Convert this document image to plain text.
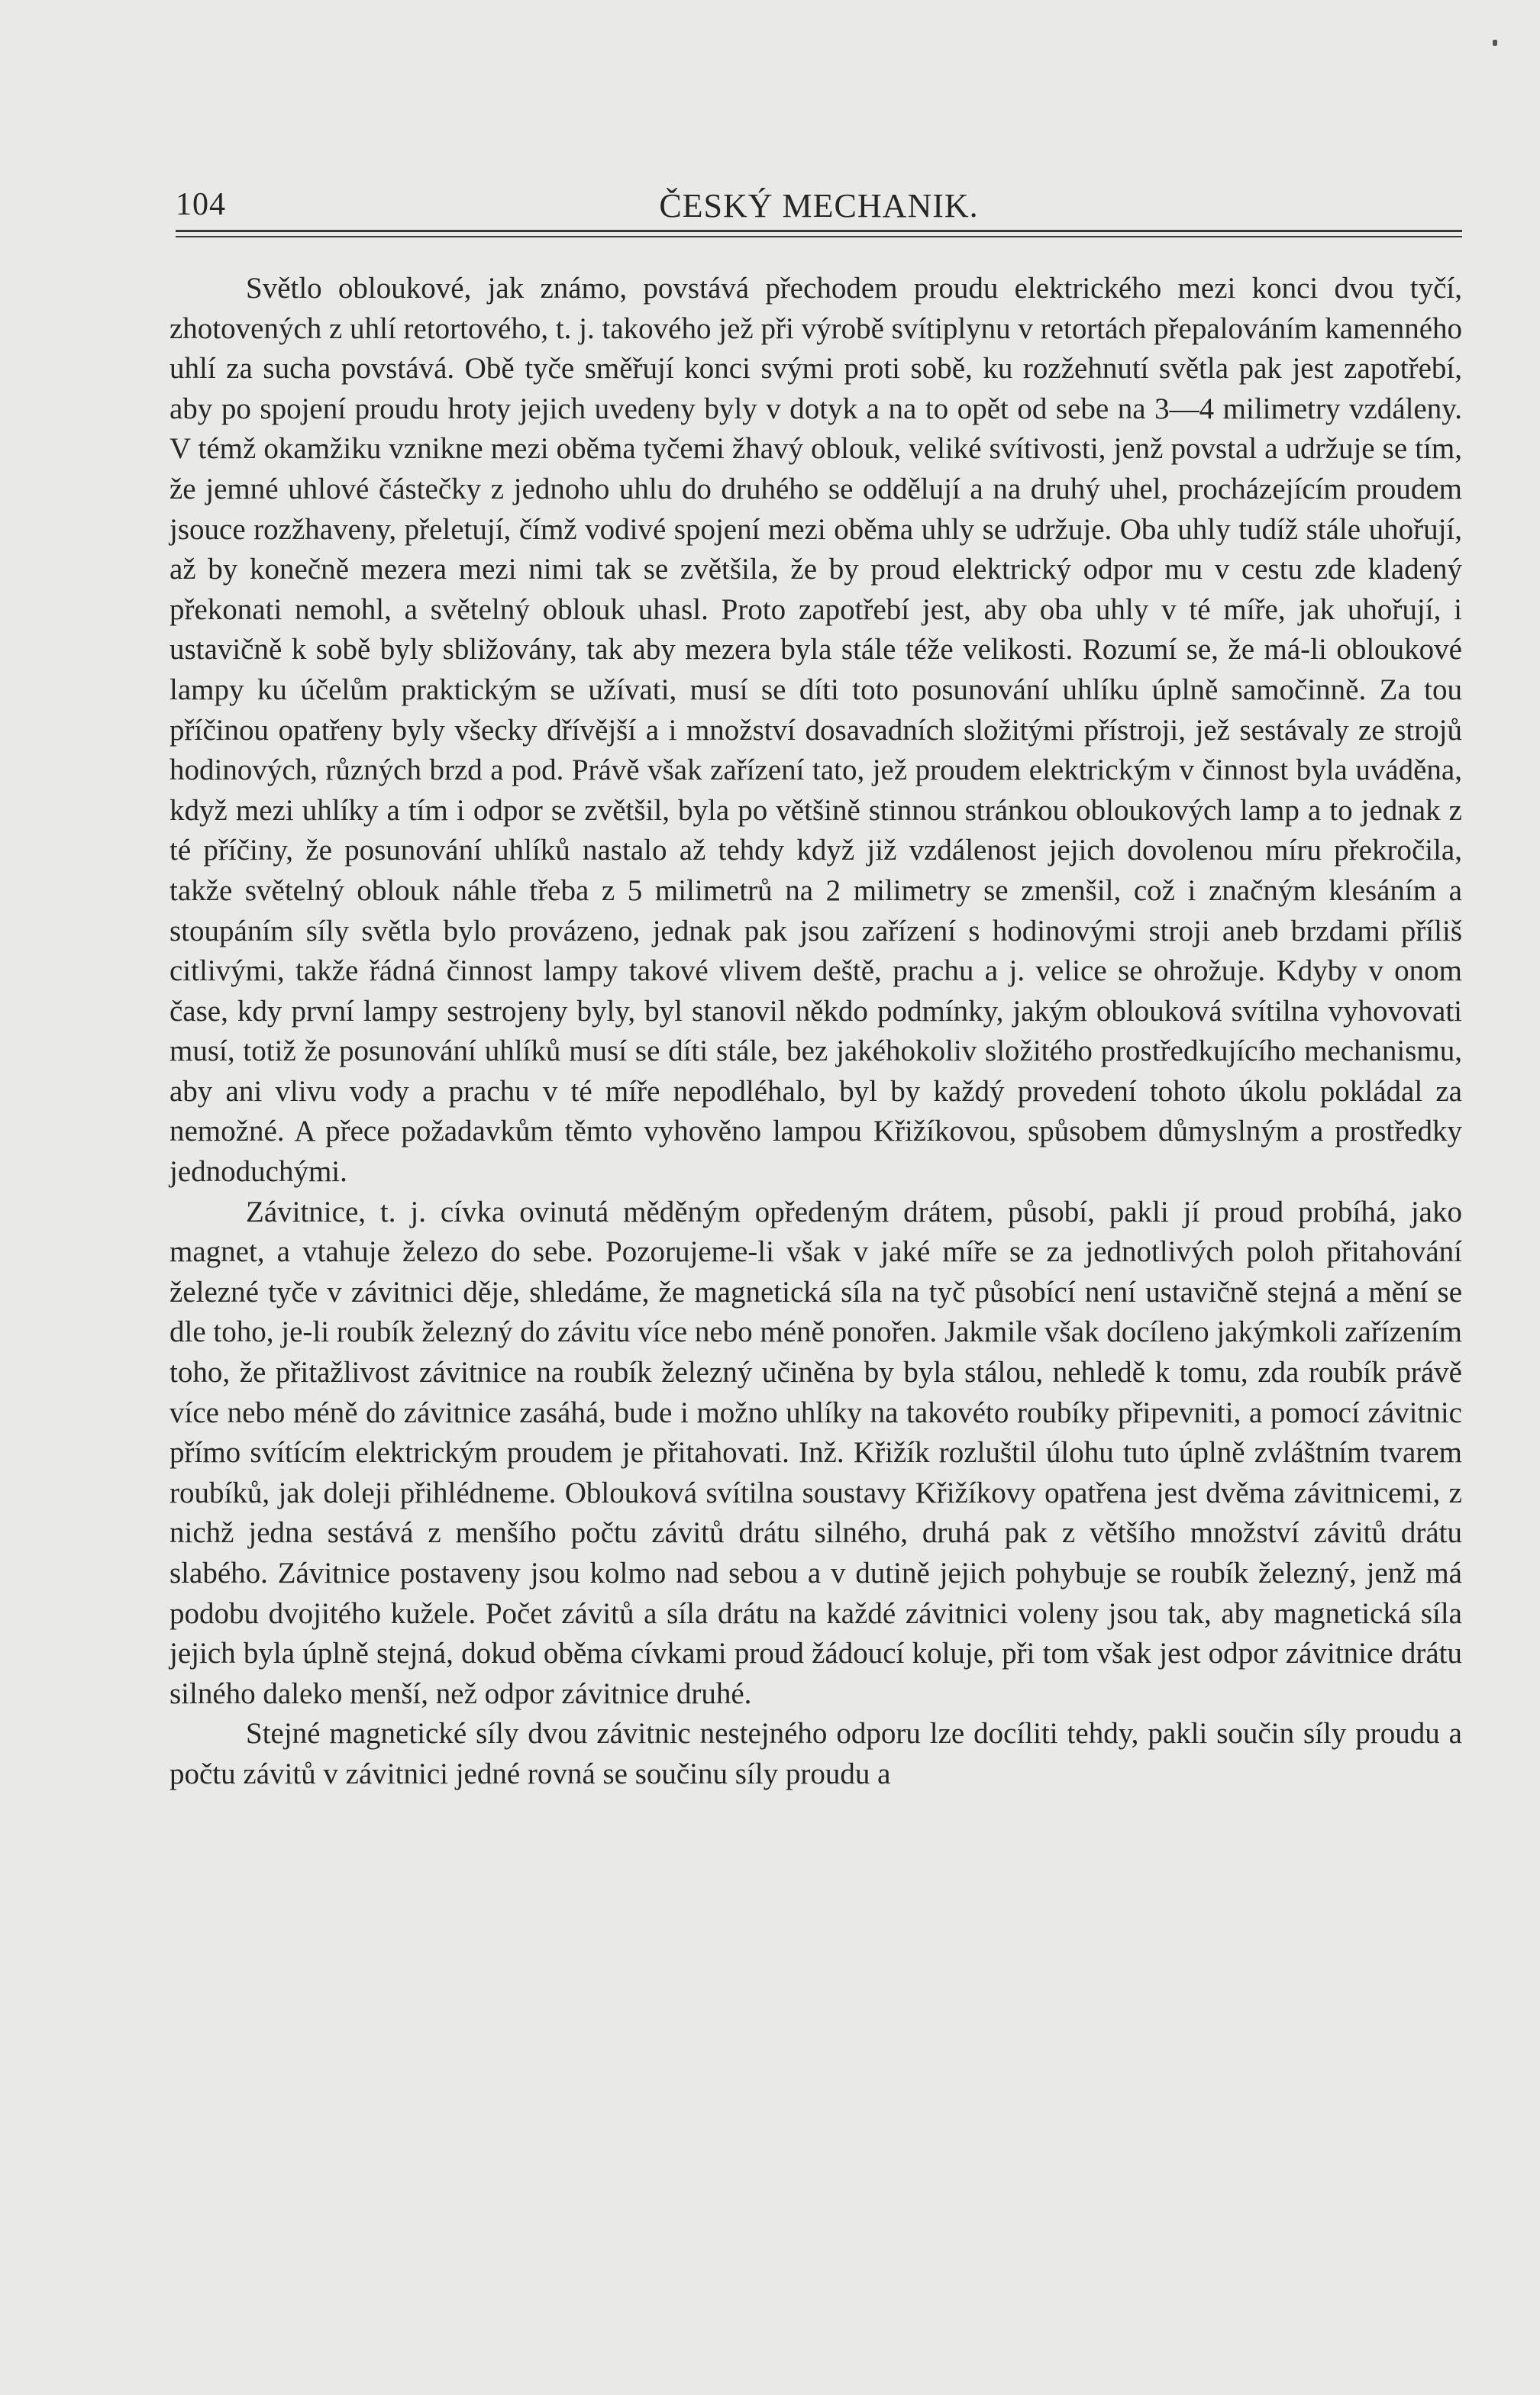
104	ČESKÝ MECHANIK.

Světlo obloukové, jak známo, povstává přechodem proudu elektrického mezi konci dvou tyčí, zhotovených z uhlí retortového, t. j. takového jež při výrobě svítiplynu v retortách přepalováním kamenného uhlí za sucha povstává. Obě tyče směřují konci svými proti sobě, ku rozžehnutí světla pak jest zapotřebí, aby po spojení proudu hroty jejich uvedeny byly v dotyk a na to opět od sebe na 3—4 milimetry vzdáleny. V témž okamžiku vznikne mezi oběma tyčemi žhavý oblouk, veliké svítivosti, jenž povstal a udržuje se tím, že jemné uhlové částečky z jednoho uhlu do druhého se oddělují a na druhý uhel, procházejícím proudem jsouce rozžhaveny, přeletují, čímž vodivé spojení mezi oběma uhly se udržuje. Oba uhly tudíž stále uhořují, až by konečně mezera mezi nimi tak se zvětšila, že by proud elektrický odpor mu v cestu zde kladený překonati nemohl, a světelný oblouk uhasl. Proto zapotřebí jest, aby oba uhly v té míře, jak uhořují, i ustavičně k sobě byly sbližovány, tak aby mezera byla stále téže velikosti. Rozumí se, že má-li obloukové lampy ku účelům praktickým se užívati, musí se díti toto posunování uhlíku úplně samočinně. Za tou příčinou opatřeny byly všecky dřívější a i množství dosavadních složitými přístroji, jež sestávaly ze strojů hodinových, různých brzd a pod. Právě však zařízení tato, jež proudem elektrickým v činnost byla uváděna, když mezi uhlíky a tím i odpor se zvětšil, byla po většině stinnou stránkou obloukových lamp a to jednak z té příčiny, že posunování uhlíků nastalo až tehdy když již vzdálenost jejich dovolenou míru překročila, takže světelný oblouk náhle třeba z 5 milimetrů na 2 milimetry se zmenšil, což i značným klesáním a stoupáním síly světla bylo provázeno, jednak pak jsou zařízení s hodinovými stroji aneb brzdami příliš citlivými, takže řádná činnost lampy takové vlivem deště, prachu a j. velice se ohrožuje. Kdyby v onom čase, kdy první lampy sestrojeny byly, byl stanovil někdo podmínky, jakým oblouková svítilna vyhovovati musí, totiž že posunování uhlíků musí se díti stále, bez jakéhokoliv složitého prostředkujícího mechanismu, aby ani vlivu vody a prachu v té míře nepodléhalo, byl by každý provedení tohoto úkolu pokládal za nemožné. A přece požadavkům těmto vyhověno lampou Křižíkovou, spůsobem důmyslným a prostředky jednoduchými.

Závitnice, t. j. cívka ovinutá měděným opředeným drátem, působí, pakli jí proud probíhá, jako magnet, a vtahuje železo do sebe. Pozorujeme-li však v jaké míře se za jednotlivých poloh přitahování železné tyče v závitnici děje, shledáme, že magnetická síla na tyč působící není ustavičně stejná a mění se dle toho, je-li roubík železný do závitu více nebo méně ponořen. Jakmile však docíleno jakýmkoli zařízením toho, že přitažlivost závitnice na roubík železný učiněna by byla stálou, nehledě k tomu, zda roubík právě více nebo méně do závitnice zasáhá, bude i možno uhlíky na takovéto roubíky připevniti, a pomocí závitnic přímo svítícím elektrickým proudem je přitahovati. Inž. Křižík rozluštil úlohu tuto úplně zvláštním tvarem roubíků, jak doleji přihlédneme. Oblouková svítilna soustavy Křižíkovy opatřena jest dvěma závitnicemi, z nichž jedna sestává z menšího počtu závitů drátu silného, druhá pak z většího množství závitů drátu slabého. Závitnice postaveny jsou kolmo nad sebou a v dutině jejich pohybuje se roubík železný, jenž má podobu dvojitého kužele. Počet závitů a síla drátu na každé závitnici voleny jsou tak, aby magnetická síla jejich byla úplně stejná, dokud oběma cívkami proud žádoucí koluje, při tom však jest odpor závitnice drátu silného daleko menší, než odpor závitnice druhé.

Stejné magnetické síly dvou závitnic nestejného odporu lze docíliti tehdy, pakli součin síly proudu a počtu závitů v závitnici jedné rovná se součinu síly proudu a
